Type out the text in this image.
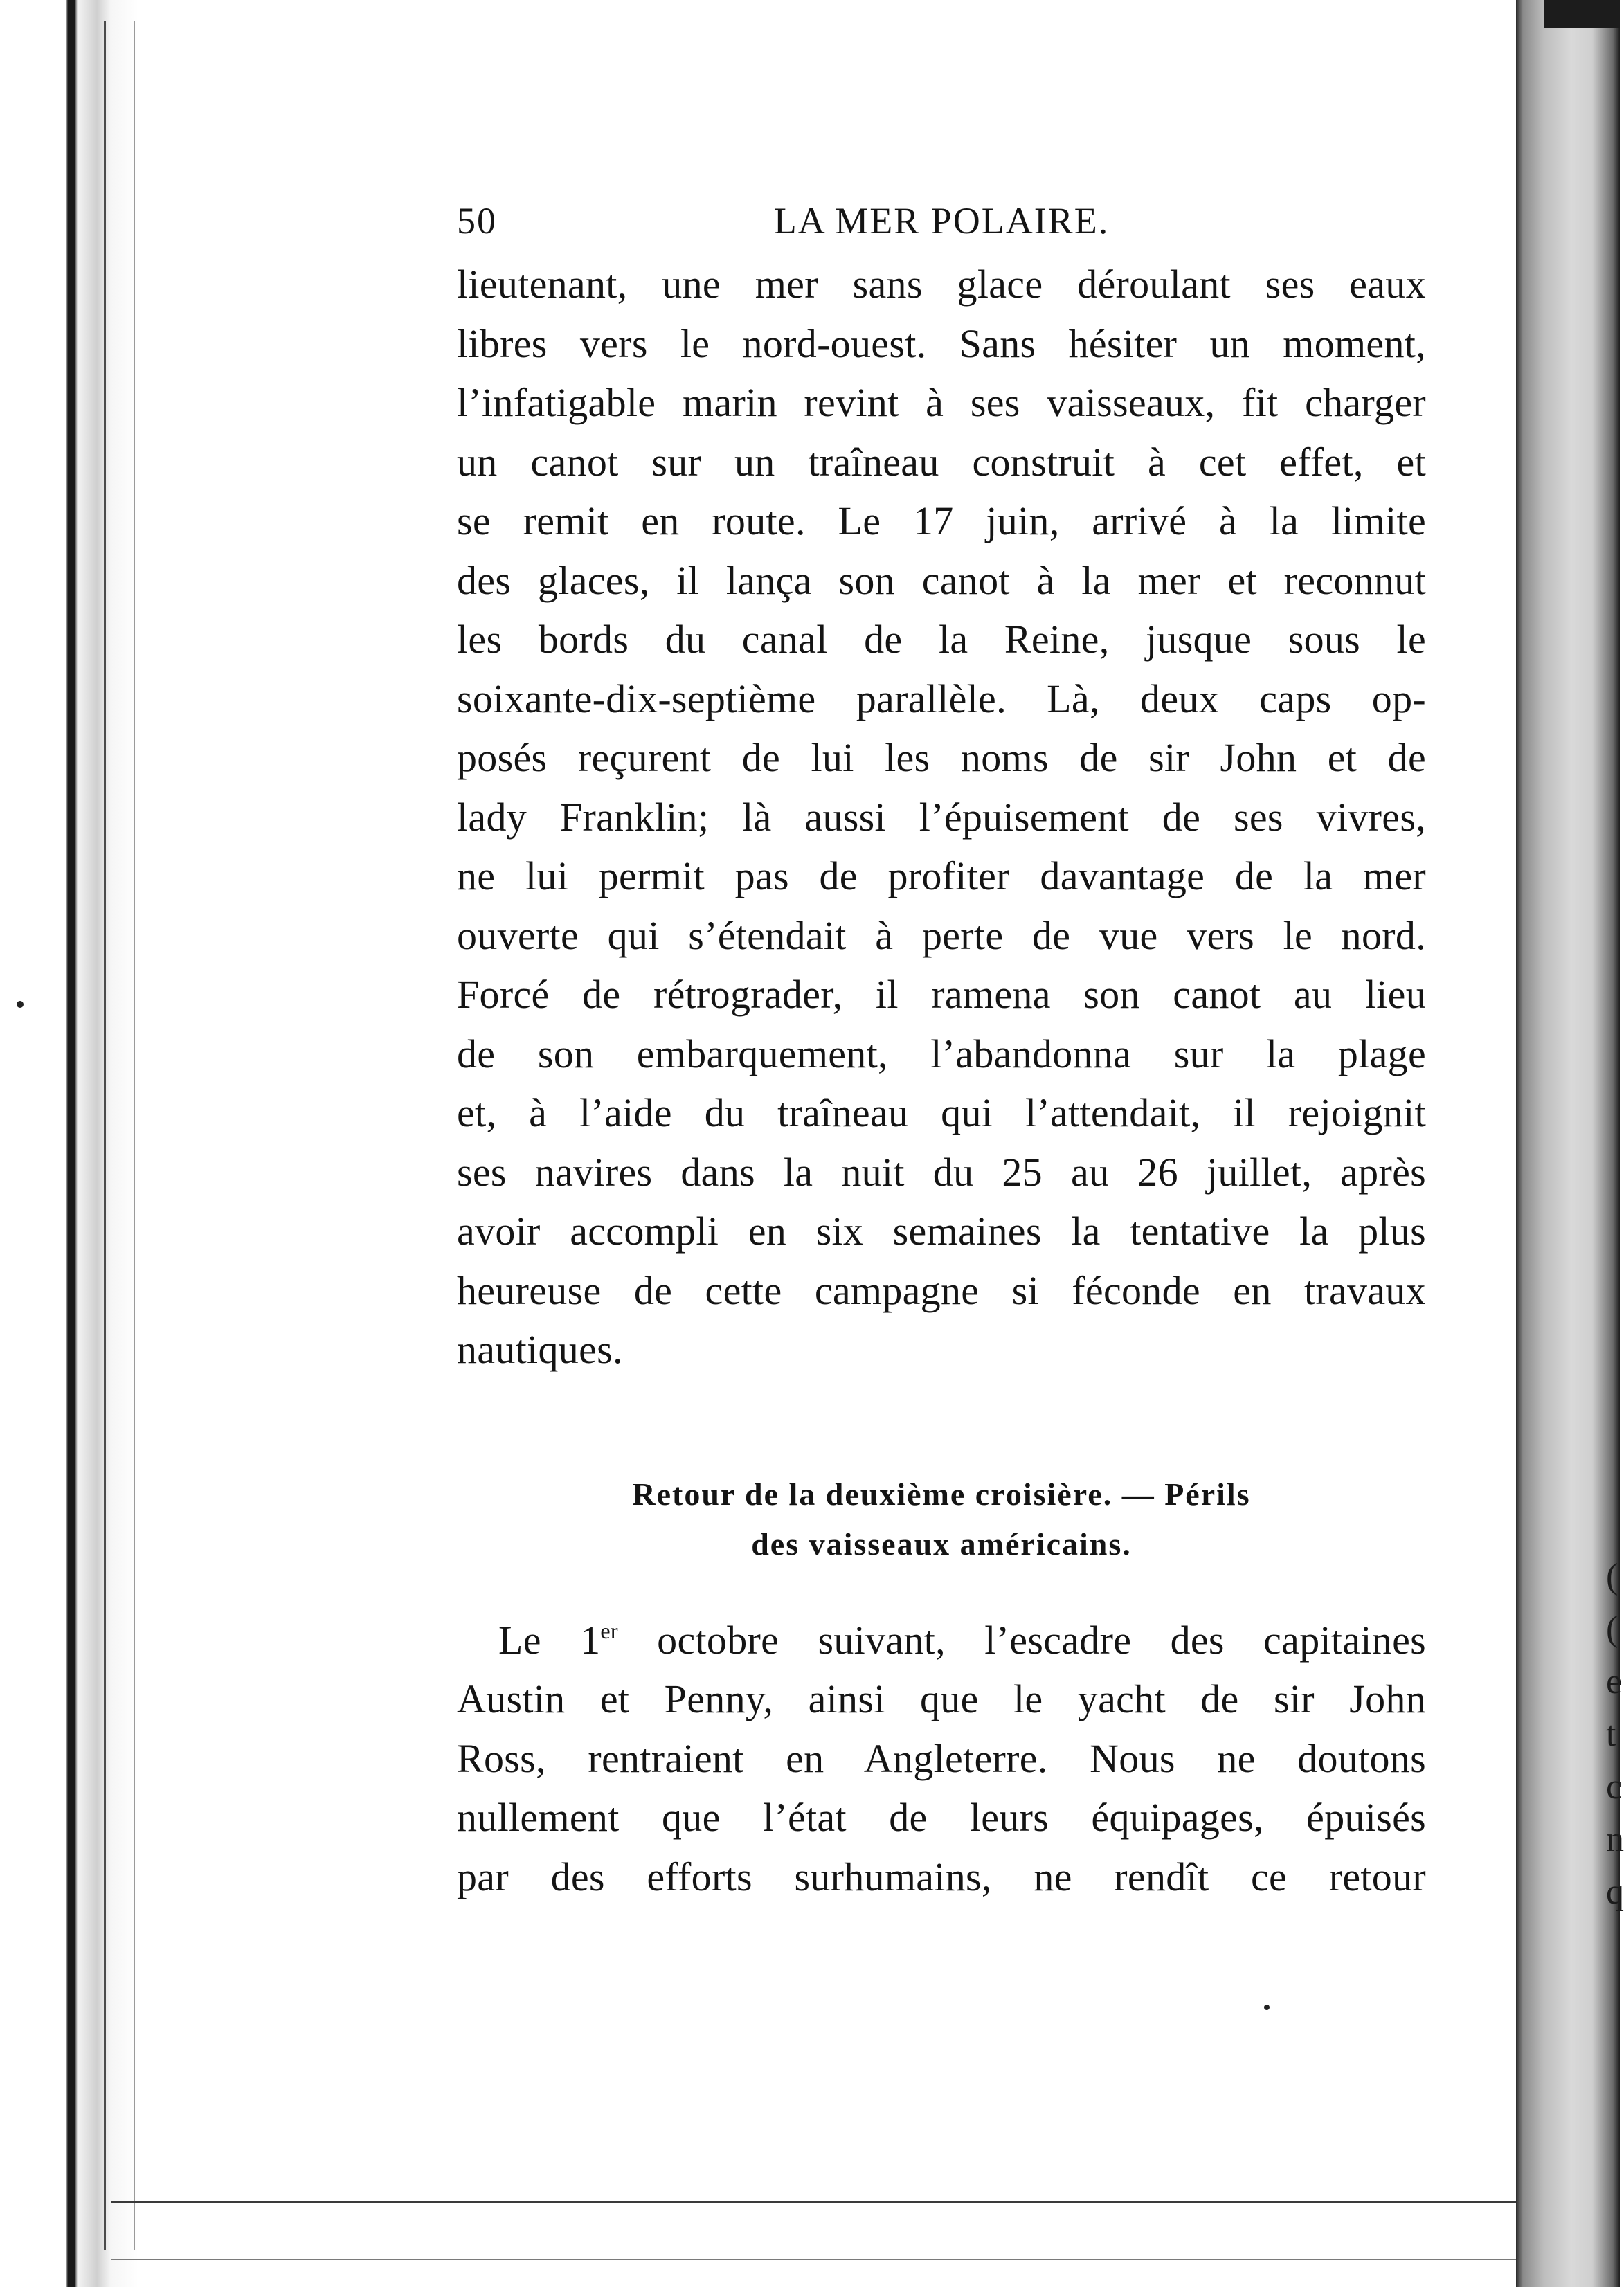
(
(
e
t
c
n
q
50	LA MER POLAIRE.

lieutenant, une mer sans glace déroulant ses eaux
libres vers le nord-ouest. Sans hésiter un moment,
l’infatigable marin revint à ses vaisseaux, fit charger
un canot sur un traîneau construit à cet effet, et
se remit en route. Le 17 juin, arrivé à la limite
des glaces, il lança son canot à la mer et reconnut
les bords du canal de la Reine, jusque sous le
soixante-dix-septième parallèle. Là, deux caps op-
posés reçurent de lui les noms de sir John et de
lady Franklin; là aussi l’épuisement de ses vivres,
ne lui permit pas de profiter davantage de la mer
ouverte qui s’étendait à perte de vue vers le nord.
Forcé de rétrograder, il ramena son canot au lieu
de son embarquement, l’abandonna sur la plage
et, à l’aide du traîneau qui l’attendait, il rejoignit
ses navires dans la nuit du 25 au 26 juillet, après
avoir accompli en six semaines la tentative la plus
heureuse de cette campagne si féconde en travaux
nautiques.

Retour de la deuxième croisière. — Périls
des vaisseaux américains.

Le 1er octobre suivant, l’escadre des capitaines
Austin et Penny, ainsi que le yacht de sir John
Ross, rentraient en Angleterre. Nous ne doutons
nullement que l’état de leurs équipages, épuisés
par des efforts surhumains, ne rendît ce retour
